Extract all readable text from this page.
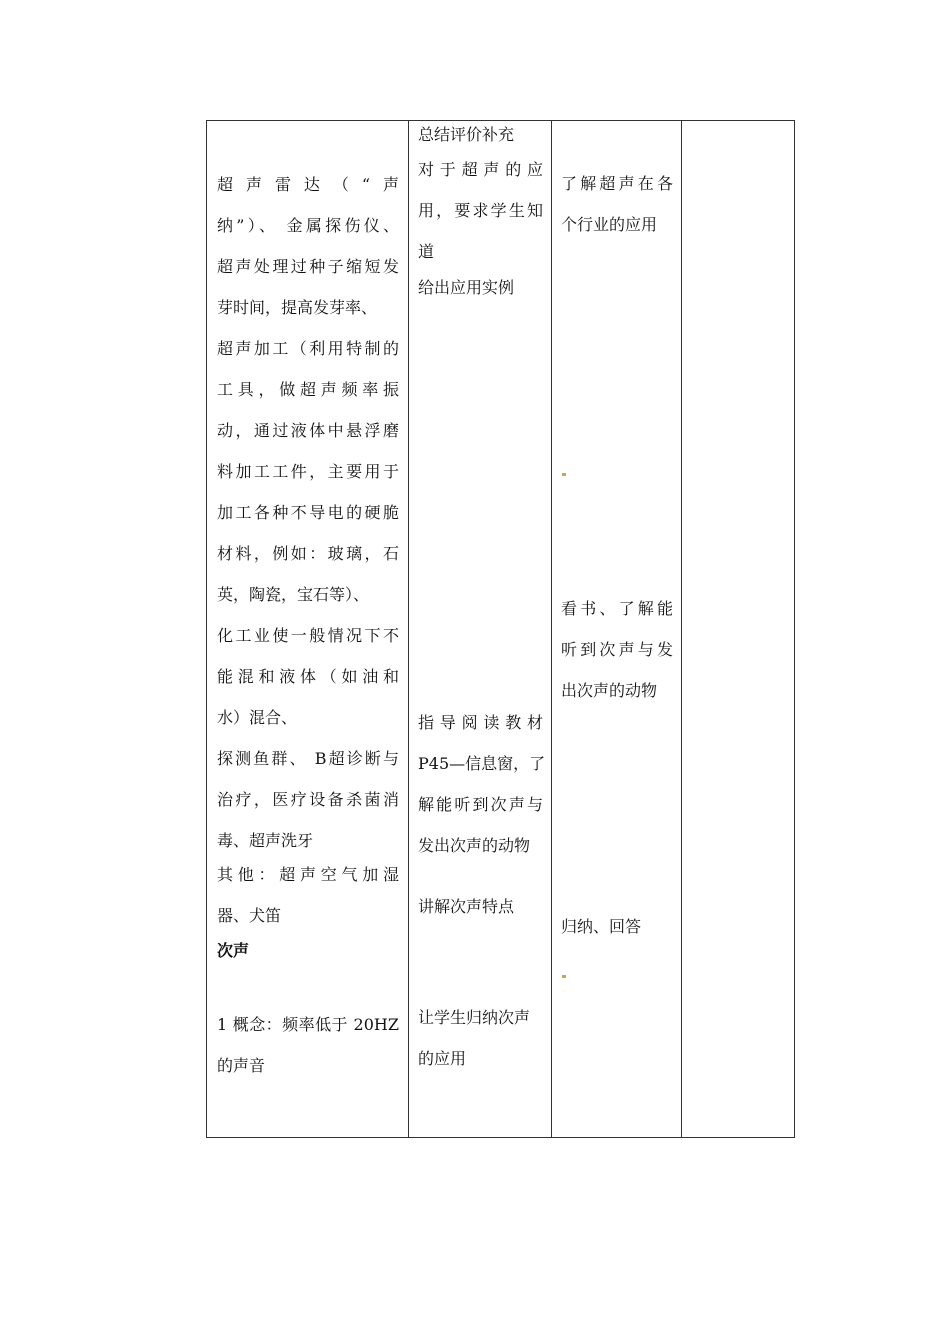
超声雷达（“声
纳”）、 金属探伤仪、
超声处理过种子缩短发
芽时间，提高发芽率、
超声加工（利用特制的
工具，做超声频率振
动，通过液体中悬浮磨
料加工工件，主要用于
加工各种不导电的硬脆
材料，例如：玻璃，石
英，陶瓷，宝石等）、
化工业使一般情况下不
能混和液体（如油和
水）混合、
探测鱼群、 B超诊断与
治疗，医疗设备杀菌消
毒、超声洗牙
其他：超声空气加湿
器、犬笛
次声
1 概念：频率低于 20HZ
的声音
总结评价补充
对于超声的应
用，要求学生知
道
给出应用实例
指导阅读教材
P45—信息窗，了
解能听到次声与
发出次声的动物
讲解次声特点
让学生归纳次声
的应用
了解超声在各
个行业的应用
看书、了解能
听到次声与发
出次声的动物
归纳、回答
